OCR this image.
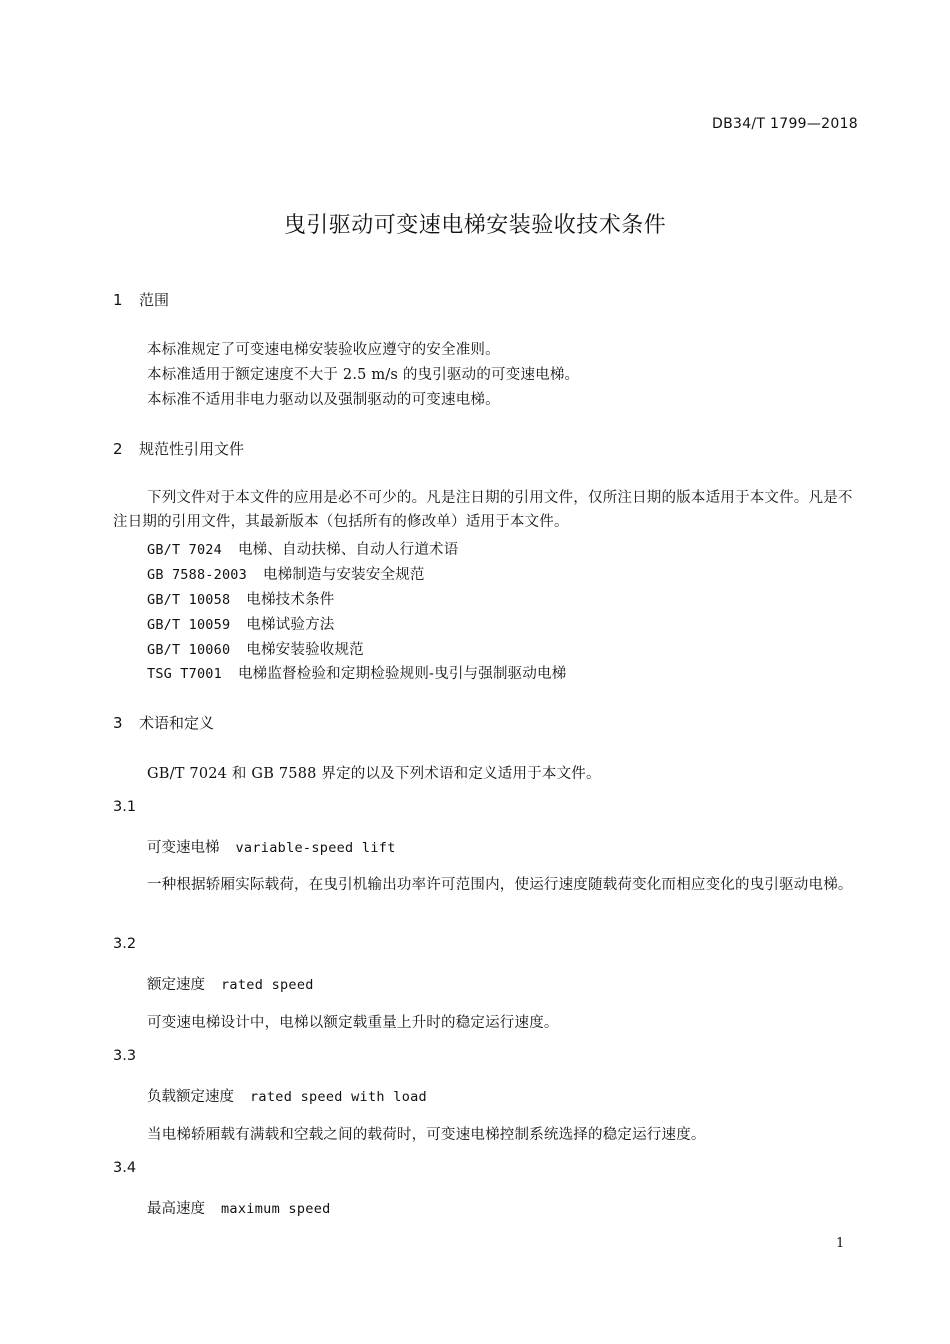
DB34/T 1799—2018
曳引驱动可变速电梯安装验收技术条件
1 范围
本标准规定了可变速电梯安装验收应遵守的安全准则。
本标准适用于额定速度不大于 2.5 m/s 的曳引驱动的可变速电梯。
本标准不适用非电力驱动以及强制驱动的可变速电梯。
2 规范性引用文件
下列文件对于本文件的应用是必不可少的。凡是注日期的引用文件，仅所注日期的版本适用于本文件。凡是不注日期的引用文件，其最新版本（包括所有的修改单）适用于本文件。
GB/T 7024 电梯、自动扶梯、自动人行道术语
GB 7588-2003 电梯制造与安装安全规范
GB/T 10058 电梯技术条件
GB/T 10059 电梯试验方法
GB/T 10060 电梯安装验收规范
TSG T7001 电梯监督检验和定期检验规则-曳引与强制驱动电梯
3 术语和定义
GB/T 7024 和 GB 7588 界定的以及下列术语和定义适用于本文件。
3.1
可变速电梯 variable-speed lift
一种根据轿厢实际载荷，在曳引机输出功率许可范围内，使运行速度随载荷变化而相应变化的曳引驱动电梯。
3.2
额定速度 rated speed
可变速电梯设计中，电梯以额定载重量上升时的稳定运行速度。
3.3
负载额定速度 rated speed with load
当电梯轿厢载有满载和空载之间的载荷时，可变速电梯控制系统选择的稳定运行速度。
3.4
最高速度 maximum speed
1
